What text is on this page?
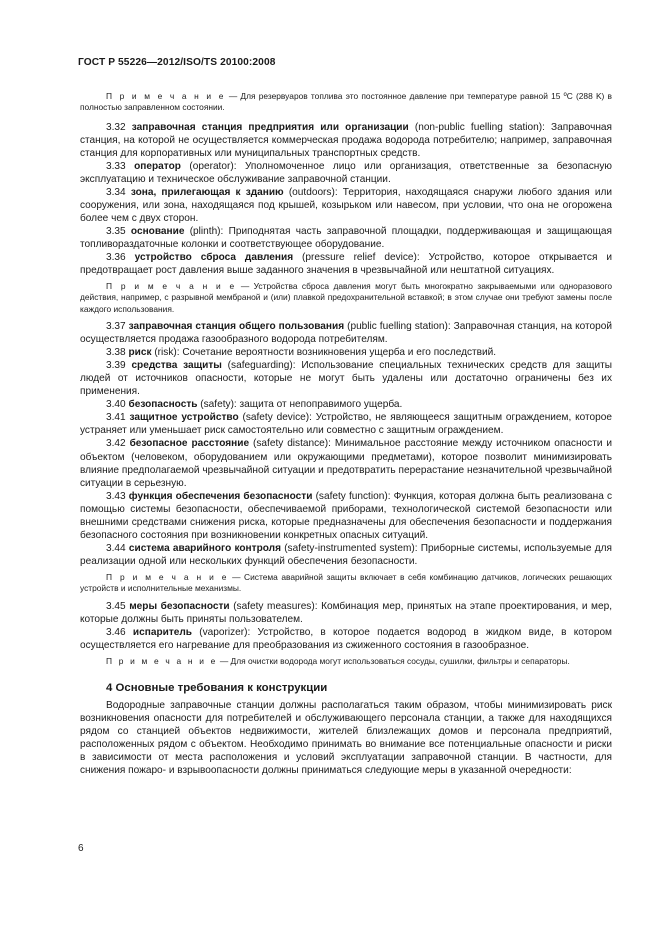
ГОСТ Р 55226—2012/ISO/TS 20100:2008

П р и м е ч а н и е — Для резервуаров топлива это постоянное давление при температуре равной 15 ºC (288 K) в полностью заправленном состоянии.

3.32 заправочная станция предприятия или организации (non-public fuelling station): Заправочная станция, на которой не осуществляется коммерческая продажа водорода потребителю; например, заправочная станция для корпоративных или муниципальных транспортных средств.

3.33 оператор (operator): Уполномоченное лицо или организация, ответственные за безопасную эксплуатацию и техническое обслуживание заправочной станции.

3.34 зона, прилегающая к зданию (outdoors): Территория, находящаяся снаружи любого здания или сооружения, или зона, находящаяся под крышей, козырьком или навесом, при условии, что она не огорожена более чем с двух сторон.

3.35 основание (plinth): Приподнятая часть заправочной площадки, поддерживающая и защищающая топливораздаточные колонки и соответствующее оборудование.

3.36 устройство сброса давления (pressure relief device): Устройство, которое открывается и предотвращает рост давления выше заданного значения в чрезвычайной или нештатной ситуациях.

П р и м е ч а н и е — Устройства сброса давления могут быть многократно закрываемыми или одноразового действия, например, с разрывной мембраной и (или) плавкой предохранительной вставкой; в этом случае они требуют замены после каждого использования.

3.37 заправочная станция общего пользования (public fuelling station): Заправочная станция, на которой осуществляется продажа газообразного водорода потребителям.

3.38 риск (risk): Сочетание вероятности возникновения ущерба и его последствий.

3.39 средства защиты (safeguarding): Использование специальных технических средств для защиты людей от источников опасности, которые не могут быть удалены или достаточно ограничены без их применения.

3.40 безопасность (safety): защита от непоправимого ущерба.

3.41 защитное устройство (safety device): Устройство, не являющееся защитным ограждением, которое устраняет или уменьшает риск самостоятельно или совместно с защитным ограждением.

3.42 безопасное расстояние (safety distance): Минимальное расстояние между источником опасности и объектом (человеком, оборудованием или окружающими предметами), которое позволит минимизировать влияние предполагаемой чрезвычайной ситуации и предотвратить перерастание незначительной чрезвычайной ситуации в серьезную.

3.43 функция обеспечения безопасности (safety function): Функция, которая должна быть реализована с помощью системы безопасности, обеспечиваемой приборами, технологической системой безопасности или внешними средствами снижения риска, которые предназначены для обеспечения безопасности и поддержания безопасного состояния при возникновении конкретных опасных ситуаций.

3.44 система аварийного контроля (safety-instrumented system): Приборные системы, используемые для реализации одной или нескольких функций обеспечения безопасности.

П р и м е ч а н и е — Система аварийной защиты включает в себя комбинацию датчиков, логических решающих устройств и исполнительные механизмы.

3.45 меры безопасности (safety measures): Комбинация мер, принятых на этапе проектирования, и мер, которые должны быть приняты пользователем.

3.46 испаритель (vaporizer): Устройство, в которое подается водород в жидком виде, в котором осуществляется его нагревание для преобразования из сжиженного состояния в газообразное.

П р и м е ч а н и е — Для очистки водорода могут использоваться сосуды, сушилки, фильтры и сепараторы.

4 Основные требования к конструкции

Водородные заправочные станции должны располагаться таким образом, чтобы минимизировать риск возникновения опасности для потребителей и обслуживающего персонала станции, а также для находящихся рядом со станцией объектов недвижимости, жителей близлежащих домов и персонала предприятий, расположенных рядом с объектом. Необходимо принимать во внимание все потенциальные опасности и риски в зависимости от места расположения и условий эксплуатации заправочной станции. В частности, для снижения пожаро- и взрывоопасности должны приниматься следующие меры в указанной очередности:

6
